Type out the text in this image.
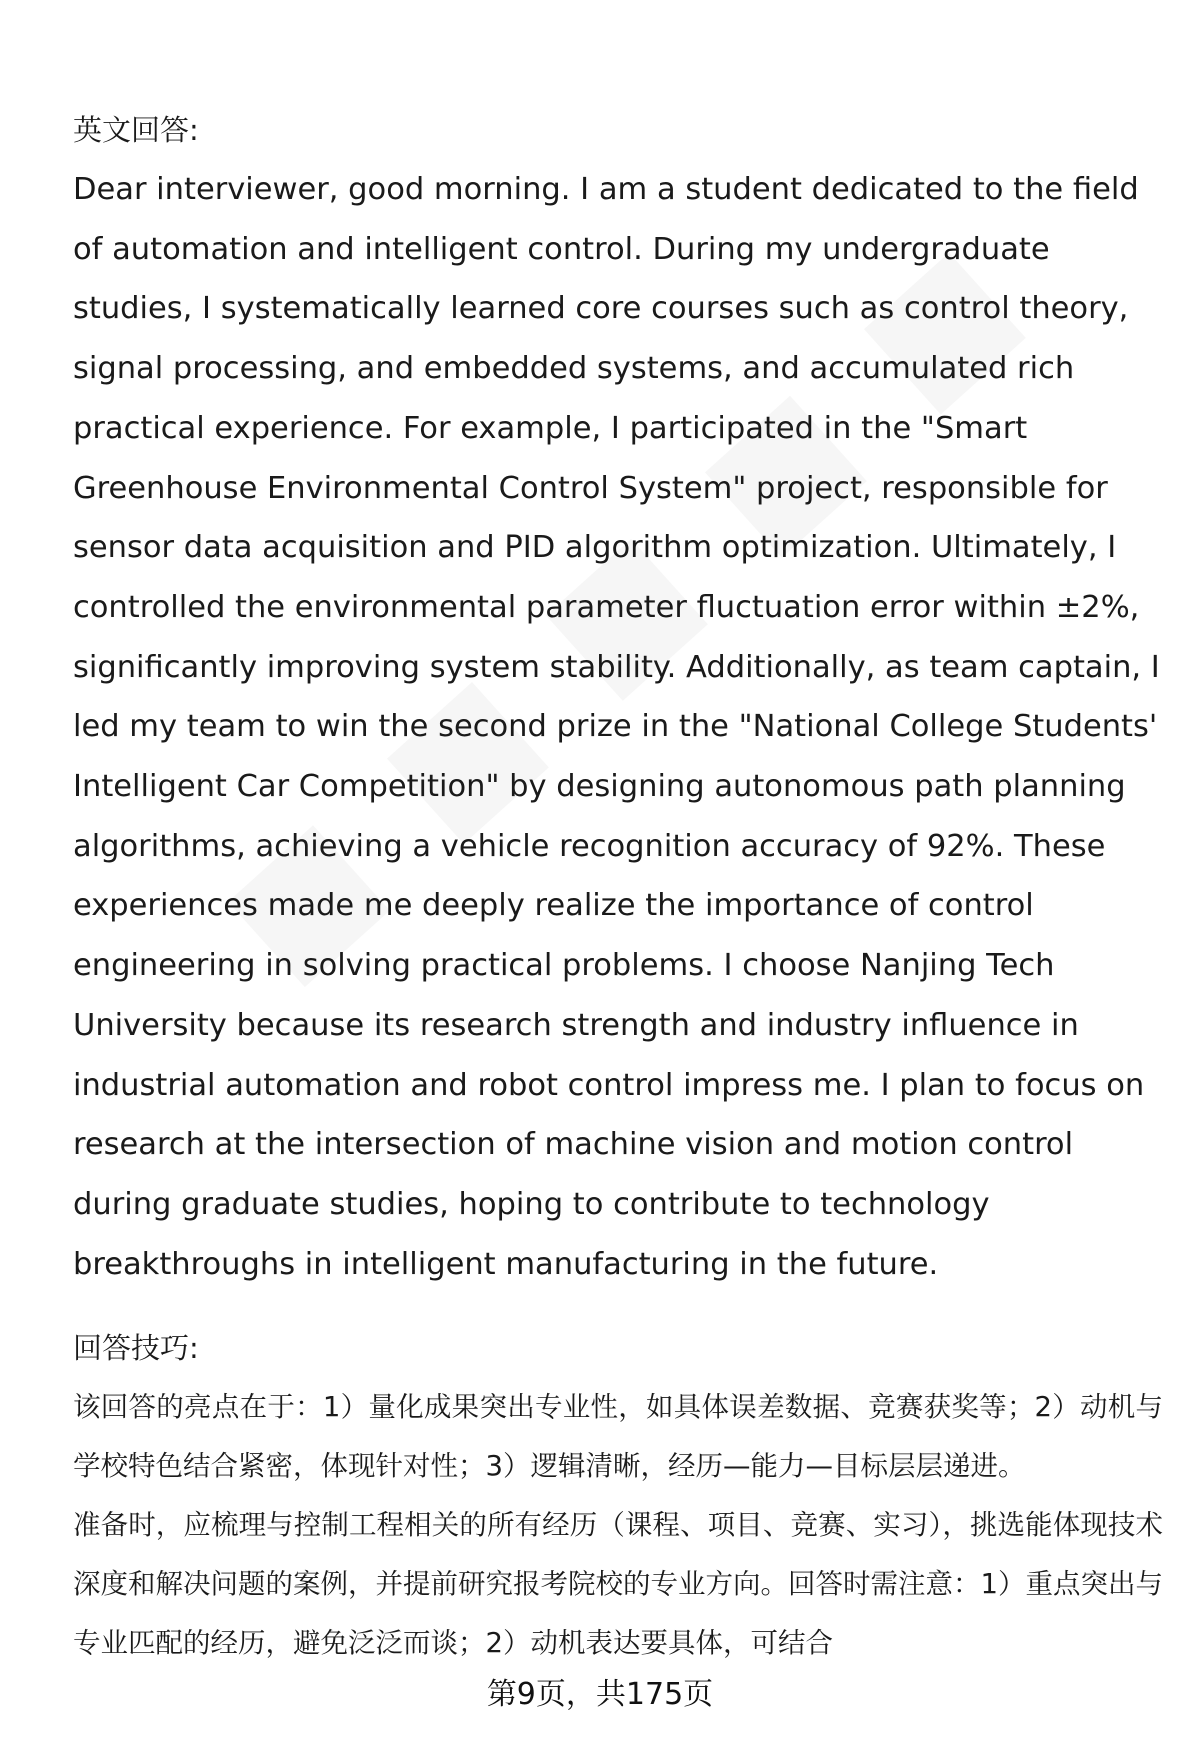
英文回答:

Dear interviewer, good morning. I am a student dedicated to the field of automation and intelligent control. During my undergraduate studies, I systematically learned core courses such as control theory, signal processing, and embedded systems, and accumulated rich practical experience. For example, I participated in the "Smart Greenhouse Environmental Control System" project, responsible for sensor data acquisition and PID algorithm optimization. Ultimately, I controlled the environmental parameter fluctuation error within ±2%, significantly improving system stability. Additionally, as team captain, I led my team to win the second prize in the "National College Students' Intelligent Car Competition" by designing autonomous path planning algorithms, achieving a vehicle recognition accuracy of 92%. These experiences made me deeply realize the importance of control engineering in solving practical problems. I choose Nanjing Tech University because its research strength and industry influence in industrial automation and robot control impress me. I plan to focus on research at the intersection of machine vision and motion control during graduate studies, hoping to contribute to technology breakthroughs in intelligent manufacturing in the future.

回答技巧:

该回答的亮点在于：1）量化成果突出专业性，如具体误差数据、竞赛获奖等；2）动机与学校特色结合紧密，体现针对性；3）逻辑清晰，经历—能力—目标层层递进。

准备时，应梳理与控制工程相关的所有经历（课程、项目、竞赛、实习），挑选能体现技术深度和解决问题的案例，并提前研究报考院校的专业方向。回答时需注意：1）重点突出与专业匹配的经历，避免泛泛而谈；2）动机表达要具体，可结合

第9页，共175页
